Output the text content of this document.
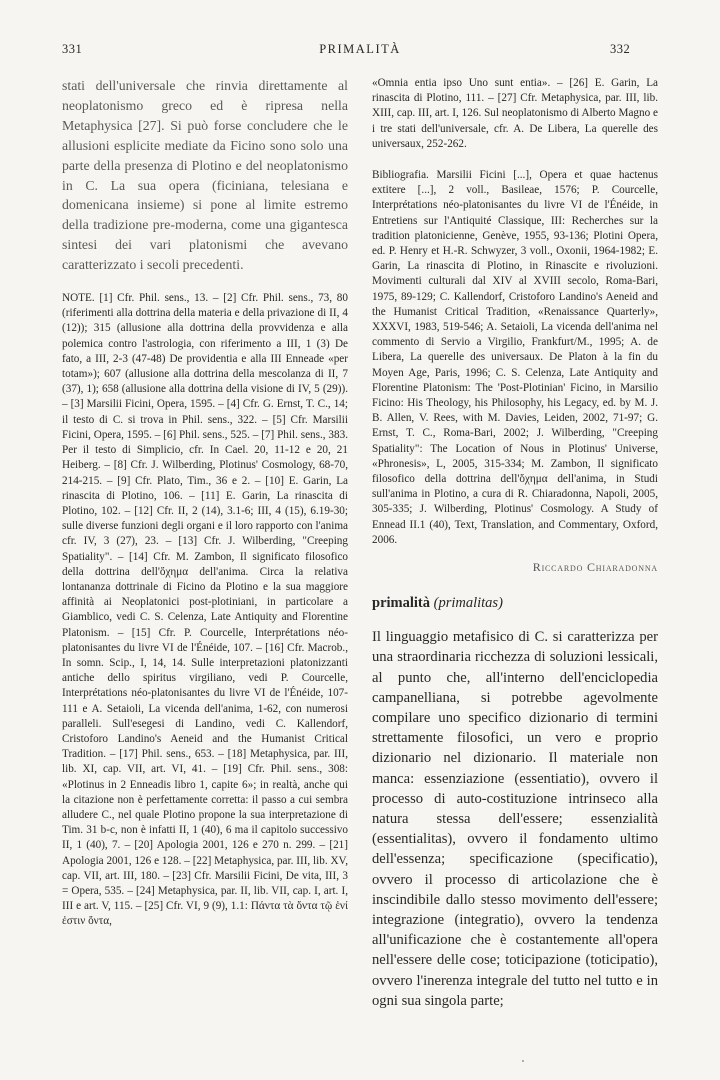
331	PRIMALITÀ	332

stati dell'universale che rinvia direttamente al neoplatonismo greco ed è ripresa nella Metaphysica [27]. Si può forse concludere che le allusioni esplicite mediate da Ficino sono solo una parte della presenza di Plotino e del neoplatonismo in C. La sua opera (ficiniana, telesiana e domenicana insieme) si pone al limite estremo della tradizione pre-moderna, come una gigantesca sintesi dei vari platonismi che avevano caratterizzato i secoli precedenti.

NOTE. [1] Cfr. Phil. sens., 13. – [2] Cfr. Phil. sens., 73, 80 (riferimenti alla dottrina della materia e della privazione di II, 4 (12)); 315 (allusione alla dottrina della provvidenza e alla polemica contro l'astrologia, con riferimento a III, 1 (3) De fato, a III, 2-3 (47-48) De providentia e alla III Enneade «per totam»); 607 (allusione alla dottrina della mescolanza di II, 7 (37), 1); 658 (allusione alla dottrina della visione di IV, 5 (29)). – [3] Marsilii Ficini, Opera, 1595. – [4] Cfr. G. Ernst, T. C., 14; il testo di C. si trova in Phil. sens., 322. – [5] Cfr. Marsilii Ficini, Opera, 1595. – [6] Phil. sens., 525. – [7] Phil. sens., 383. Per il testo di Simplicio, cfr. In Cael. 20, 11-12 e 20, 21 Heiberg. – [8] Cfr. J. Wilberding, Plotinus' Cosmology, 68-70, 214-215. – [9] Cfr. Plato, Tim., 36 e 2. – [10] E. Garin, La rinascita di Plotino, 106. – [11] E. Garin, La rinascita di Plotino, 102. – [12] Cfr. II, 2 (14), 3.1-6; III, 4 (15), 6.19-30; sulle diverse funzioni degli organi e il loro rapporto con l'anima cfr. IV, 3 (27), 23. – [13] Cfr. J. Wilberding, "Creeping Spatiality". – [14] Cfr. M. Zambon, Il significato filosofico della dottrina dell'ὄχημα dell'anima. Circa la relativa lontananza dottrinale di Ficino da Plotino e la sua maggiore affinità ai Neoplatonici post-plotiniani, in particolare a Giamblico, vedi C. S. Celenza, Late Antiquity and Florentine Platonism. – [15] Cfr. P. Courcelle, Interprétations néo-platonisantes du livre VI de l'Énéide, 107. – [16] Cfr. Macrob., In somn. Scip., I, 14, 14. Sulle interpretazioni platonizzanti antiche dello spiritus virgiliano, vedi P. Courcelle, Interprétations néo-platonisantes du livre VI de l'Énéide, 107-111 e A. Setaioli, La vicenda dell'anima, 1-62, con numerosi paralleli. Sull'esegesi di Landino, vedi C. Kallendorf, Cristoforo Landino's Aeneid and the Humanist Critical Tradition. – [17] Phil. sens., 653. – [18] Metaphysica, par. III, lib. XI, cap. VII, art. VI, 41. – [19] Cfr. Phil. sens., 308: «Plotinus in 2 Enneadis libro 1, capite 6»; in realtà, anche qui la citazione non è perfettamente corretta: il passo a cui sembra alludere C., nel quale Plotino propone la sua interpretazione di Tim. 31 b-c, non è infatti II, 1 (40), 6 ma il capitolo successivo II, 1 (40), 7. – [20] Apologia 2001, 126 e 270 n. 299. – [21] Apologia 2001, 126 e 128. – [22] Metaphysica, par. III, lib. XV, cap. VII, art. III, 180. – [23] Cfr. Marsilii Ficini, De vita, III, 3 = Opera, 535. – [24] Metaphysica, par. II, lib. VII, cap. I, art. I, III e art. V, 115. – [25] Cfr. VI, 9 (9), 1.1: Πάντα τὰ ὄντα τῷ ἑνί ἐστιν ὄντα,

«Omnia entia ipso Uno sunt entia». – [26] E. Garin, La rinascita di Plotino, 111. – [27] Cfr. Metaphysica, par. III, lib. XIII, cap. III, art. I, 126. Sul neoplatonismo di Alberto Magno e i tre stati dell'universale, cfr. A. De Libera, La querelle des universaux, 252-262.

Bibliografia. Marsilii Ficini [...], Opera et quae hactenus extitere [...], 2 voll., Basileae, 1576; P. Courcelle, Interprétations néo-platonisantes du livre VI de l'Énéide, in Entretiens sur l'Antiquité Classique, III: Recherches sur la tradition platonicienne, Genève, 1955, 93-136; Plotini Opera, ed. P. Henry et H.-R. Schwyzer, 3 voll., Oxonii, 1964-1982; E. Garin, La rinascita di Plotino, in Rinascite e rivoluzioni. Movimenti culturali dal XIV al XVIII secolo, Roma-Bari, 1975, 89-129; C. Kallendorf, Cristoforo Landino's Aeneid and the Humanist Critical Tradition, «Renaissance Quarterly», XXXVI, 1983, 519-546; A. Setaioli, La vicenda dell'anima nel commento di Servio a Virgilio, Frankfurt/M., 1995; A. de Libera, La querelle des universaux. De Platon à la fin du Moyen Age, Paris, 1996; C. S. Celenza, Late Antiquity and Florentine Platonism: The 'Post-Plotinian' Ficino, in Marsilio Ficino: His Theology, his Philosophy, his Legacy, ed. by M. J. B. Allen, V. Rees, with M. Davies, Leiden, 2002, 71-97; G. Ernst, T. C., Roma-Bari, 2002; J. Wilberding, "Creeping Spatiality": The Location of Nous in Plotinus' Universe, «Phronesis», L, 2005, 315-334; M. Zambon, Il significato filosofico della dottrina dell'ὄχημα dell'anima, in Studi sull'anima in Plotino, a cura di R. Chiaradonna, Napoli, 2005, 305-335; J. Wilberding, Plotinus' Cosmology. A Study of Ennead II.1 (40), Text, Translation, and Commentary, Oxford, 2006.

Riccardo Chiaradonna
primalità (primalitas)

Il linguaggio metafisico di C. si caratterizza per una straordinaria ricchezza di soluzioni lessicali, al punto che, all'interno dell'enciclopedia campanelliana, si potrebbe agevolmente compilare uno specifico dizionario di termini strettamente filosofici, un vero e proprio dizionario nel dizionario. Il materiale non manca: essenziazione (essentiatio), ovvero il processo di auto-costituzione intrinseco alla natura stessa dell'essere; essenzialità (essentialitas), ovvero il fondamento ultimo dell'essenza; specificazione (specificatio), ovvero il processo di articolazione che è inscindibile dallo stesso movimento dell'essere; integrazione (integratio), ovvero la tendenza all'unificazione che è costantemente all'opera nell'essere delle cose; toticipazione (toticipatio), ovvero l'inerenza integrale del tutto nel tutto e in ogni sua singola parte;
